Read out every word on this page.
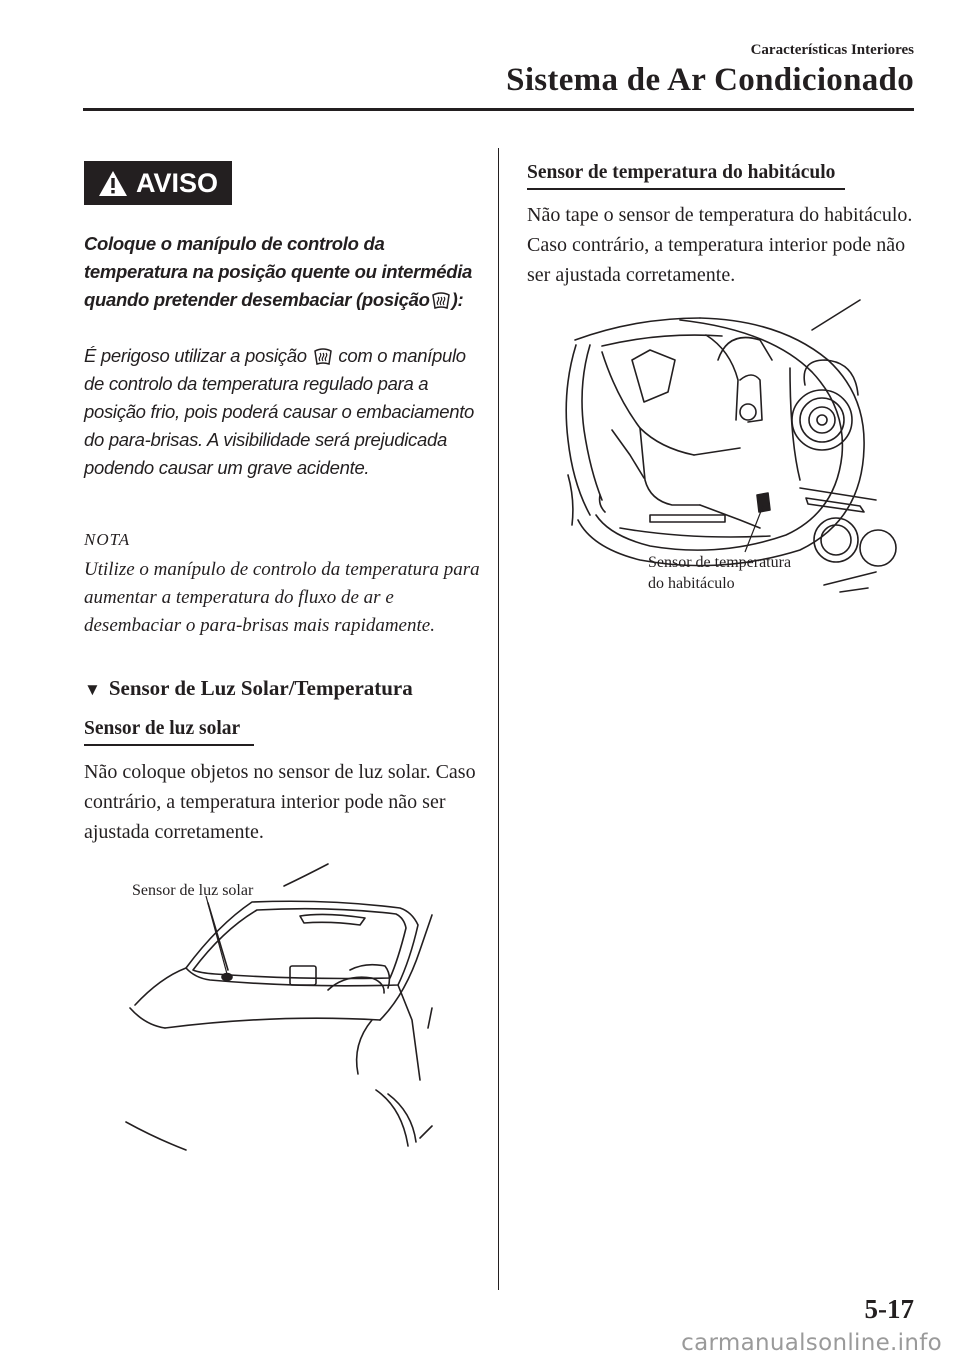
Características Interiores
Sistema de Ar Condicionado
AVISO
Coloque o manípulo de controlo da temperatura na posição quente ou intermédia quando pretender desembaciar (posição ):
É perigoso utilizar a posição com o manípulo de controlo da temperatura regulado para a posição frio, pois poderá causar o embaciamento do para-brisas. A visibilidade será prejudicada podendo causar um grave acidente.
NOTA
Utilize o manípulo de controlo da temperatura para aumentar a temperatura do fluxo de ar e desembaciar o para-brisas mais rapidamente.
▼ Sensor de Luz Solar/Temperatura
Sensor de luz solar
Não coloque objetos no sensor de luz solar. Caso contrário, a temperatura interior pode não ser ajustada corretamente.
Sensor de luz solar
Sensor de temperatura do habitáculo
Não tape o sensor de temperatura do habitáculo. Caso contrário, a temperatura interior pode não ser ajustada corretamente.
Sensor de temperatura
do habitáculo
5-17
carmanualsonline.info
